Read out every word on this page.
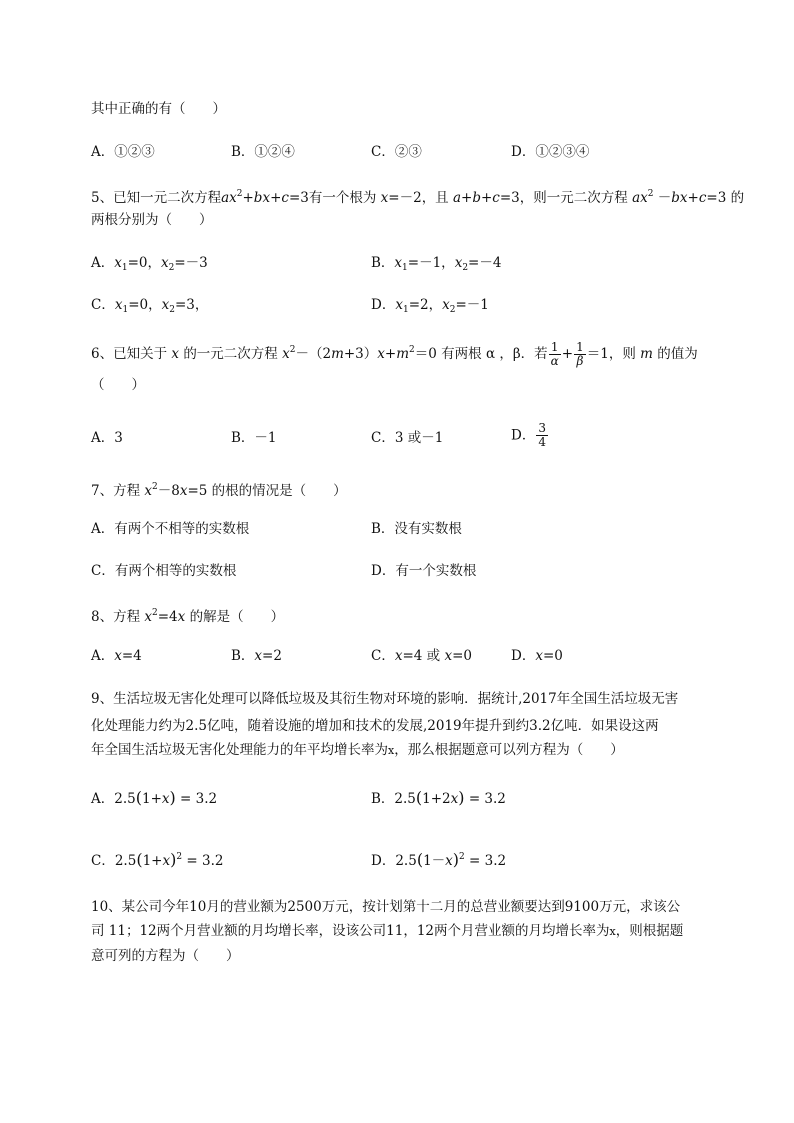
其中正确的有（　　）
A．①②③	B．①②④	C．②③	D．①②③④
5、已知一元二次方程$ax^2+bx+c=3$有一个根为 x=－2，且 a+b+c=3，则一元二次方程 $ax^2 -bx+c=3$ 的
两根分别为（　　）
A．$x_1=0$，$x_2=-3$	B．$x_1=-1$，$x_2=-4$
C．$x_1=0$，$x_2=3$，	D．$x_1=2$，$x_2=-1$
6、已知关于 x 的一元二次方程 $x^2-(2m+3)x+m^2=0$ 有两根 α ，β．若 $\frac{1}{\alpha} + \frac{1}{\beta} =1$，则 m 的值为
（　　）
A．3	B．－1	C．3 或－1	D． $\frac{3}{4}$
7、方程 $x^2-8x=5$ 的根的情况是（　　）
A．有两个不相等的实数根	B．没有实数根
C．有两个相等的实数根	D．有一个实数根
8、方程 $x^2=4x$ 的解是（　　）
A．x=4	B．x=2	C．x=4 或 x=0	D．x=0
9、生活垃圾无害化处理可以降低垃圾及其衍生物对环境的影响．据统计,2017年全国生活垃圾无害
化处理能力约为2.5亿吨，随着设施的增加和技术的发展,2019年提升到约3.2亿吨．如果设这两
年全国生活垃圾无害化处理能力的年平均增长率为x，那么根据题意可以列方程为（　　）
A．2.5(1+x) = 3.2	B．2.5(1+2x) = 3.2
C．$2.5(1+x)^2 = 3.2$	D．$2.5(1-x)^2 = 3.2$
10、某公司今年10月的营业额为2500万元，按计划第十二月的总营业额要达到9100万元，求该公
司 11；12两个月营业额的月均增长率，设该公司11，12两个月营业额的月均增长率为x，则根据题
意可列的方程为（　　）
